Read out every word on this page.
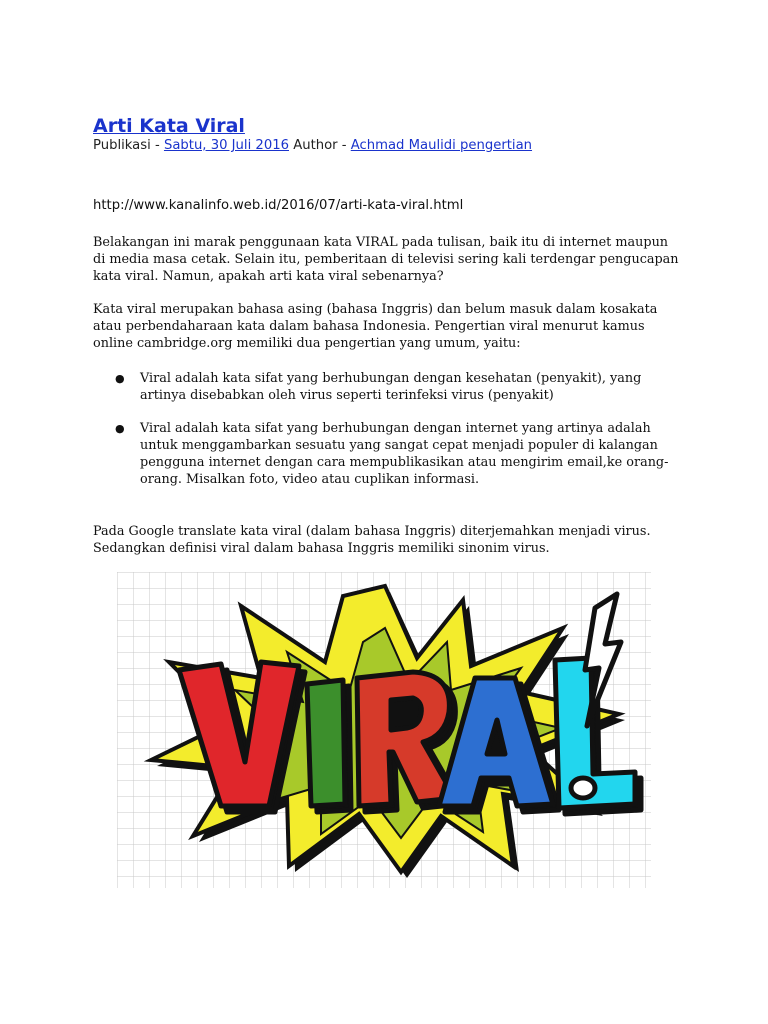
Arti Kata Viral
Publikasi - Sabtu, 30 Juli 2016 Author - Achmad Maulidi pengertian
http://www.kanalinfo.web.id/2016/07/arti-kata-viral.html

Belakangan ini marak penggunaan kata VIRAL pada tulisan, baik itu di internet maupun di media masa cetak. Selain itu, pemberitaan di televisi sering kali terdengar pengucapan kata viral. Namun, apakah arti kata viral sebenarnya?

Kata viral merupakan bahasa asing (bahasa Inggris) dan belum masuk dalam kosakata atau perbendaharaan kata dalam bahasa Indonesia. Pengertian viral menurut kamus online cambridge.org memiliki dua pengertian yang umum, yaitu:

● Viral adalah kata sifat yang berhubungan dengan kesehatan (penyakit), yang artinya disebabkan oleh virus seperti terinfeksi virus (penyakit)
● Viral adalah kata sifat yang berhubungan dengan internet yang artinya adalah untuk menggambarkan sesuatu yang sangat cepat menjadi populer di kalangan pengguna internet dengan cara mempublikasikan atau mengirim email,ke orang-orang. Misalkan foto, video atau cuplikan informasi.

Pada Google translate kata viral (dalam bahasa Inggris) diterjemahkan menjadi virus. Sedangkan definisi viral dalam bahasa Inggris memiliki sinonim virus.
